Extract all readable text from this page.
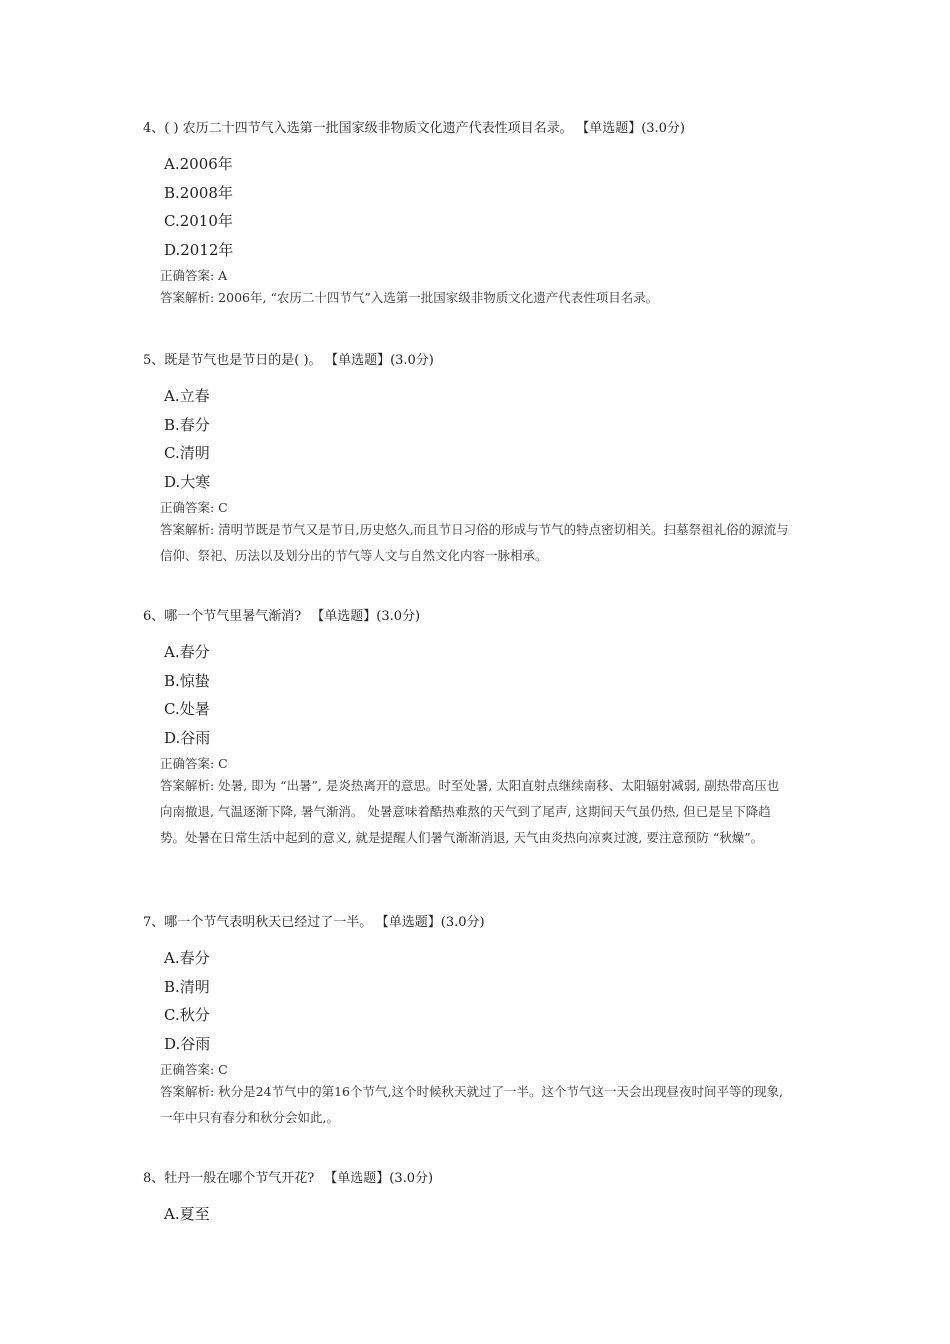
4、( ) 农历二十四节气入选第一批国家级非物质文化遗产代表性项目名录。 【单选题】(3.0分)
A.2006年
B.2008年
C.2010年
D.2012年
正确答案: A
答案解析: 2006年, “农历二十四节气”入选第一批国家级非物质文化遗产代表性项目名录。
5、既是节气也是节日的是( )。 【单选题】(3.0分)
A.立春
B.春分
C.清明
D.大寒
正确答案: C
答案解析: 清明节既是节气又是节日,历史悠久,而且节日习俗的形成与节气的特点密切相关。扫墓祭祖礼俗的源流与信仰、祭祀、历法以及划分出的节气等人文与自然文化内容一脉相承。
6、哪一个节气里暑气渐消? 【单选题】(3.0分)
A.春分
B.惊蛰
C.处暑
D.谷雨
正确答案: C
答案解析: 处暑, 即为 “出暑”, 是炎热离开的意思。时至处暑, 太阳直射点继续南移、太阳辐射减弱, 副热带高压也向南撤退, 气温逐渐下降, 暑气渐消。 处暑意味着酷热难熬的天气到了尾声, 这期间天气虽仍热, 但已是呈下降趋势。处暑在日常生活中起到的意义, 就是提醒人们暑气渐渐消退, 天气由炎热向凉爽过渡, 要注意预防 “秋燥”。
7、哪一个节气表明秋天已经过了一半。 【单选题】(3.0分)
A.春分
B.清明
C.秋分
D.谷雨
正确答案: C
答案解析: 秋分是24节气中的第16个节气,这个时候秋天就过了一半。这个节气这一天会出现昼夜时间平等的现象,一年中只有春分和秋分会如此,。
8、牡丹一般在哪个节气开花? 【单选题】(3.0分)
A.夏至
